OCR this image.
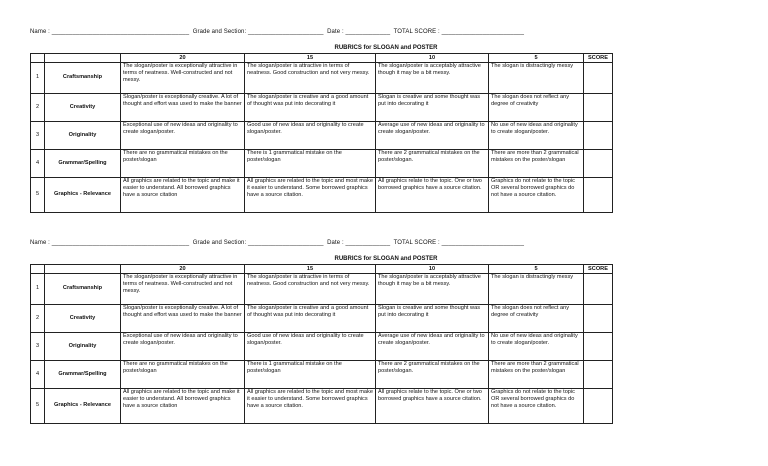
Name : ________________________________________  Grade and Section: ______________________  Date : _____________  TOTAL SCORE : ________________________
RUBRICS for SLOGAN and POSTER
		20	15	10	5	SCORE
1	Craftsmanship	The slogan/poster is exceptionally attractive in terms of neatness. Well-constructed and not messy.	The slogan/poster is attractive in terms of neatness. Good construction and not very messy.	The slogan/poster is acceptably attractive though it may be a bit messy.	The slogan is distractingly messy	
2	Creativity	Slogan/poster is exceptionally creative. A lot of thought and effort was used to make the banner	The slogan/poster is creative and a good amount of thought was put into decorating it	Slogan is creative and some thought was put into decorating it	The slogan does not reflect any degree of creativity	
3	Originality	Exceptional use of new ideas and originality to create slogan/poster.	Good use of new ideas and originality to create slogan/poster.	Average use of new ideas and originality to create slogan/poster.	No use of new ideas and originality to create slogan/poster.	
4	Grammar/Spelling	There are no grammatical mistakes on the poster/slogan	There is 1 grammatical mistake on the poster/slogan	There are 2 grammatical mistakes on the poster/slogan.	There are more than 2 grammatical mistakes on the poster/slogan	
5	Graphics - Relevance	All graphics are related to the topic and make it easier to understand. All borrowed graphics have a source citation	All graphics are related to the topic and most make it easier to understand. Some borrowed graphics have a source citation.	All graphics relate to the topic. One or two borrowed graphics have a source citation.	Graphics do not relate to the topic OR several borrowed graphics do not have a source citation.	
Name : ________________________________________  Grade and Section: ______________________  Date : _____________  TOTAL SCORE : ________________________
RUBRICS for SLOGAN and POSTER
		20	15	10	5	SCORE
1	Craftsmanship	The slogan/poster is exceptionally attractive in terms of neatness. Well-constructed and not messy.	The slogan/poster is attractive in terms of neatness. Good construction and not very messy.	The slogan/poster is acceptably attractive though it may be a bit messy.	The slogan is distractingly messy	
2	Creativity	Slogan/poster is exceptionally creative. A lot of thought and effort was used to make the banner	The slogan/poster is creative and a good amount of thought was put into decorating it	Slogan is creative and some thought was put into decorating it	The slogan does not reflect any degree of creativity	
3	Originality	Exceptional use of new ideas and originality to create slogan/poster.	Good use of new ideas and originality to create slogan/poster.	Average use of new ideas and originality to create slogan/poster.	No use of new ideas and originality to create slogan/poster.	
4	Grammar/Spelling	There are no grammatical mistakes on the poster/slogan	There is 1 grammatical mistake on the poster/slogan	There are 2 grammatical mistakes on the poster/slogan.	There are more than 2 grammatical mistakes on the poster/slogan	
5	Graphics - Relevance	All graphics are related to the topic and make it easier to understand. All borrowed graphics have a source citation	All graphics are related to the topic and most make it easier to understand. Some borrowed graphics have a source citation.	All graphics relate to the topic. One or two borrowed graphics have a source citation.	Graphics do not relate to the topic OR several borrowed graphics do not have a source citation.	
